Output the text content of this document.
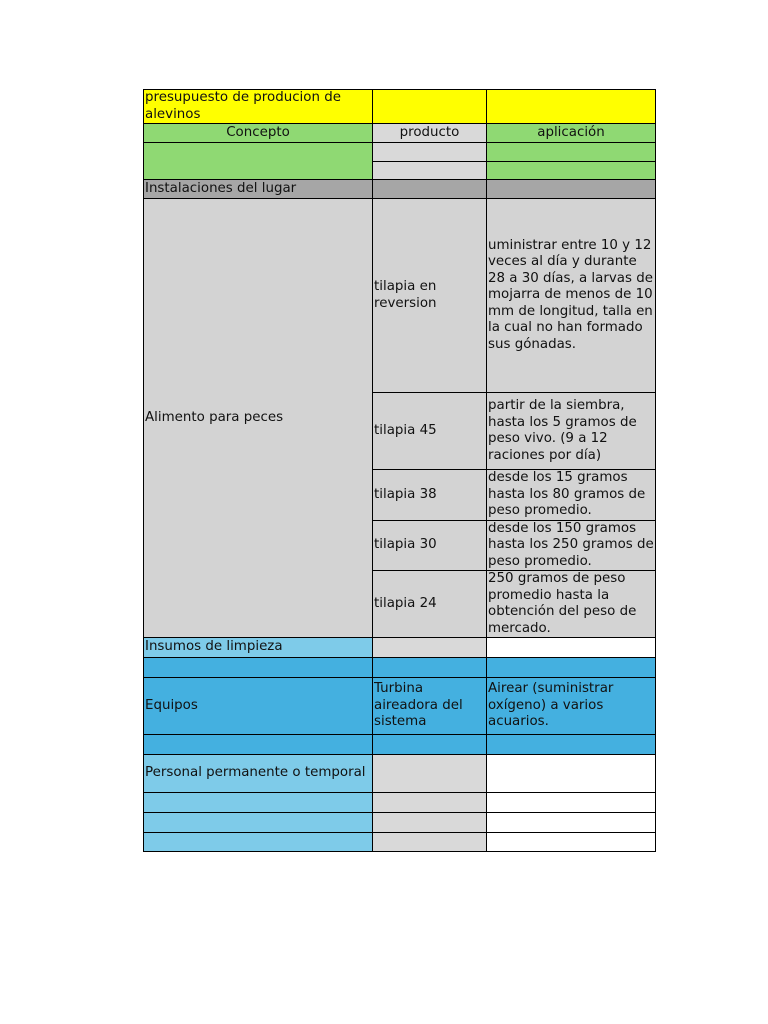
presupuesto de producion de alevinos		
Concepto	producto	aplicación

Instalaciones del lugar		
Alimento para peces	tilapia en reversion	uministrar entre 10 y 12 veces al día y durante 28 a 30 días, a larvas de mojarra de menos de 10 mm de longitud, talla en la cual no han formado sus gónadas.
	tilapia 45	partir de la siembra, hasta los 5 gramos de peso vivo. (9 a 12 raciones por día)
	tilapia 38	desde los 15 gramos hasta los 80 gramos de peso promedio.
	tilapia 30	desde los 150 gramos hasta los 250 gramos de peso promedio.
	tilapia 24	250 gramos de peso promedio hasta la obtención del peso de mercado.
Insumos de limpieza		

Equipos	Turbina aireadora del sistema	Airear (suministrar oxígeno) a varios acuarios.

Personal permanente o temporal		
